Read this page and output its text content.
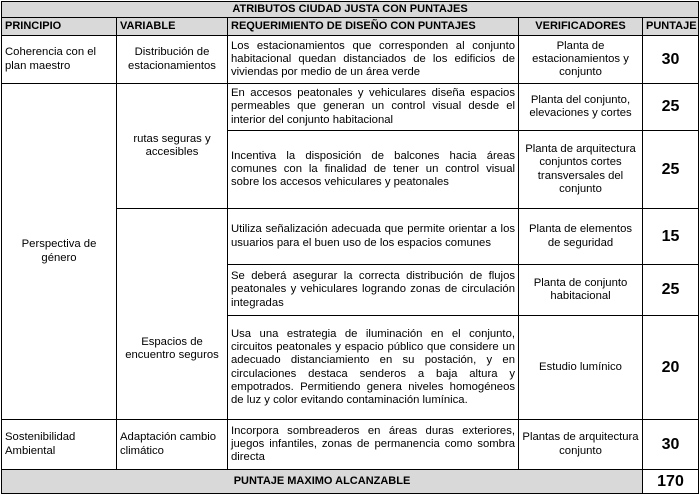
ATRIBUTOS CIUDAD JUSTA CON PUNTAJES				
PRINCIPIO	VARIABLE	REQUERIMIENTO DE DISEÑO CON PUNTAJES	VERIFICADORES	PUNTAJE
Coherencia con el plan maestro	Distribución de estacionamientos	Los estacionamientos que corresponden al conjunto habitacional quedan distanciados de los edificios de viviendas por medio de un área verde	Planta de estacionamientos y conjunto	30
Perspectiva de género	rutas seguras y accesibles	En accesos peatonales y vehiculares diseña espacios permeables que generan un control visual desde el interior del conjunto habitacional	Planta del conjunto, elevaciones y cortes	25
		Incentiva la disposición de balcones hacia áreas comunes con la finalidad de tener un control visual sobre los accesos vehiculares y peatonales	Planta de arquitectura conjuntos cortes transversales del conjunto	25
	Espacios de encuentro seguros	Utiliza señalización adecuada que permite orientar a los usuarios para el buen uso de los espacios comunes	Planta de elementos de seguridad	15
		Se deberá asegurar la correcta distribución de flujos peatonales y vehiculares logrando zonas de circulación integradas	Planta de conjunto habitacional	25
		Usa una estrategia de iluminación en el conjunto, circuitos peatonales y espacio público que considere un adecuado distanciamiento en su postación, y en circulaciones destaca senderos a baja altura y empotrados. Permitiendo genera niveles homogéneos de luz y color evitando contaminación lumínica.	Estudio lumínico	20
Sostenibilidad Ambiental	Adaptación cambio climático	Incorpora sombreaderos en áreas duras exteriores, juegos infantiles, zonas de permanencia como sombra directa	Plantas de arquitectura conjunto	30
PUNTAJE MAXIMO ALCANZABLE				170
